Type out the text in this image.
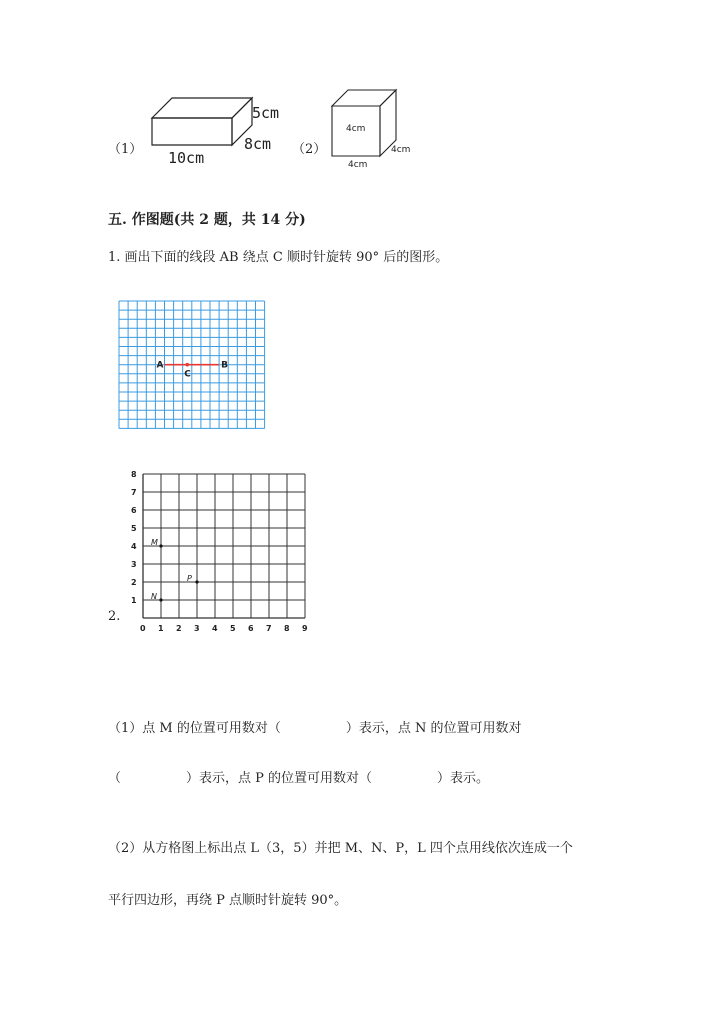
（1）
5cm
8cm
10cm	（2）
4cm
4cm
4cm
五. 作图题(共 2 题，共 14 分)
1. 画出下面的线段 AB 绕点 C 顺时针旋转 90° 后的图形。
A	B
C
2.
0 1 2 3 4 5 6 7 8 9
1
2
3
4
5
6
7
8
M
P
N
（1）点 M 的位置可用数对（　　　　　）表示，点 N 的位置可用数对
（　　　　　）表示，点 P 的位置可用数对（　　　　　）表示。
（2）从方格图上标出点 L（3，5）并把 M、N、P，L 四个点用线依次连成一个
平行四边形，再绕 P 点顺时针旋转 90°。
